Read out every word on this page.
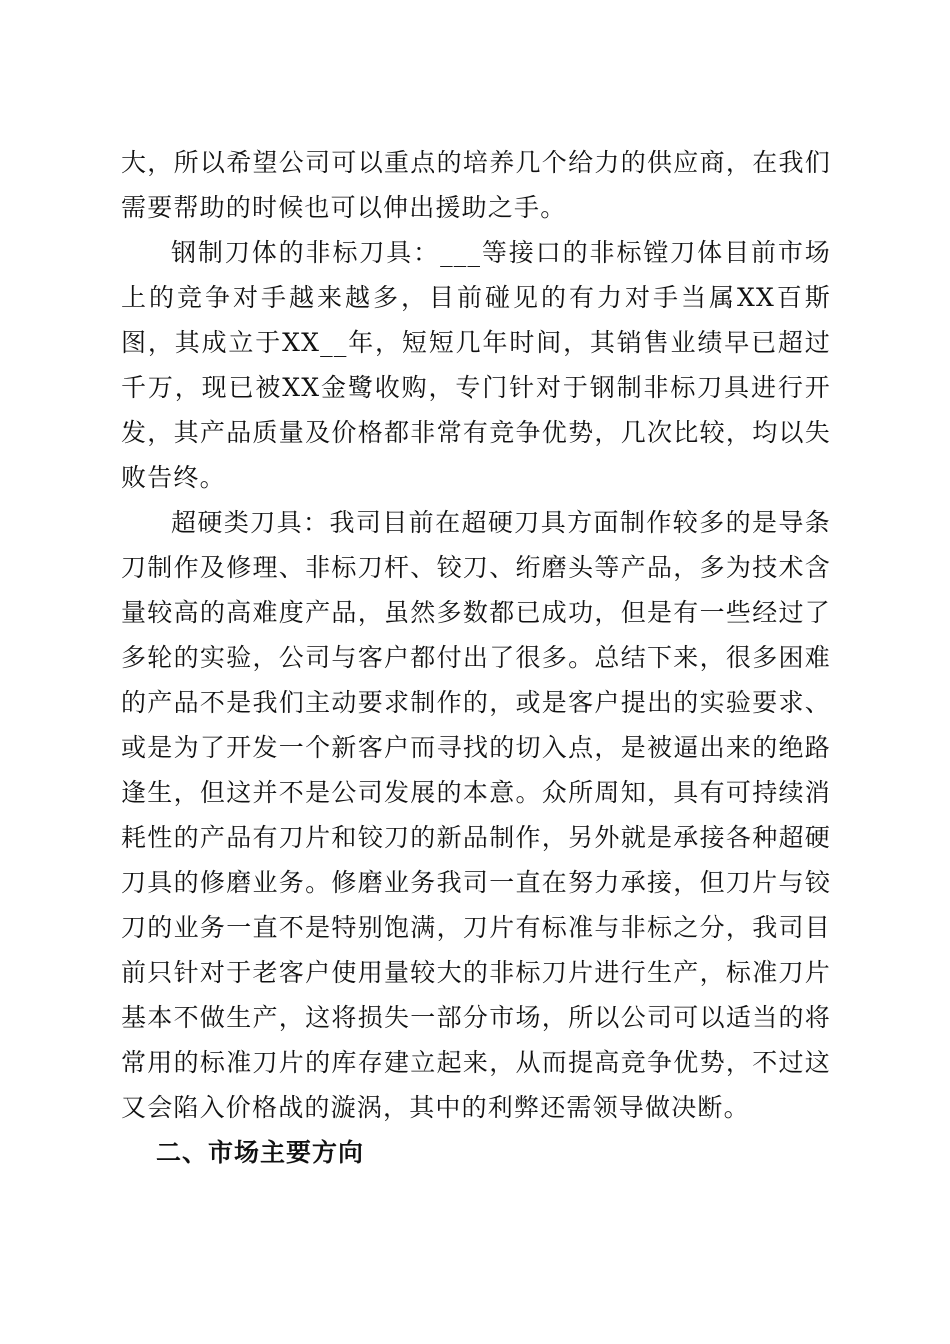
大，所以希望公司可以重点的培养几个给力的供应商，在我们需要帮助的时候也可以伸出援助之手。

钢制刀体的非标刀具：___等接口的非标镗刀体目前市场上的竞争对手越来越多，目前碰见的有力对手当属XX百斯图，其成立于XX__年，短短几年时间，其销售业绩早已超过千万，现已被XX金鹭收购，专门针对于钢制非标刀具进行开发，其产品质量及价格都非常有竞争优势，几次比较，均以失败告终。

超硬类刀具：我司目前在超硬刀具方面制作较多的是导条刀制作及修理、非标刀杆、铰刀、绗磨头等产品，多为技术含量较高的高难度产品，虽然多数都已成功，但是有一些经过了多轮的实验，公司与客户都付出了很多。总结下来，很多困难的产品不是我们主动要求制作的，或是客户提出的实验要求、或是为了开发一个新客户而寻找的切入点，是被逼出来的绝路逢生，但这并不是公司发展的本意。众所周知，具有可持续消耗性的产品有刀片和铰刀的新品制作，另外就是承接各种超硬刀具的修磨业务。修磨业务我司一直在努力承接，但刀片与铰刀的业务一直不是特别饱满，刀片有标准与非标之分，我司目前只针对于老客户使用量较大的非标刀片进行生产，标准刀片基本不做生产，这将损失一部分市场，所以公司可以适当的将常用的标准刀片的库存建立起来，从而提高竞争优势，不过这又会陷入价格战的漩涡，其中的利弊还需领导做决断。

二、市场主要方向
